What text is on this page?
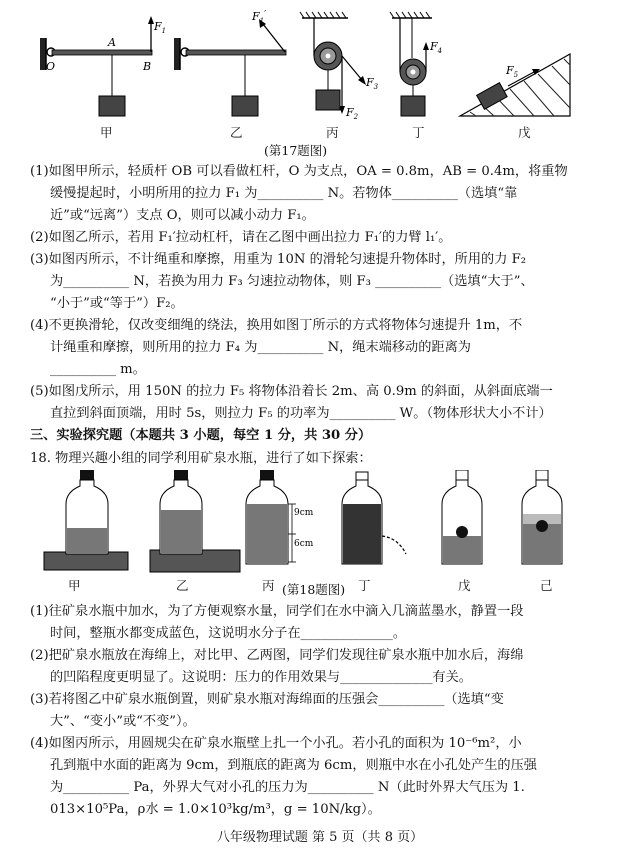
O
A
B
$F_1$
$F_1'$
$F_2$
$F_3$
$F_4$
$F_5$
甲	乙	丙	丁	戊
(第17题图)
(1)如图甲所示，轻质杆 OB 可以看做杠杆，O 为支点，OA = 0.8m，AB = 0.4m，将重物
缓慢提起时，小明所用的拉力 F₁ 为__________ N。若物体__________（选填“靠
近”或“远离”）支点 O，则可以减小动力 F₁。
(2)如图乙所示，若用 F₁′拉动杠杆，请在乙图中画出拉力 F₁′的力臂 l₁′。
(3)如图丙所示，不计绳重和摩擦，用重为 10N 的滑轮匀速提升物体时，所用的力 F₂
为__________ N，若换为用力 F₃ 匀速拉动物体，则 F₃ __________（选填“大于”、
“小于”或“等于”）F₂。
(4)不更换滑轮，仅改变细绳的绕法，换用如图丁所示的方式将物体匀速提升 1m，不
计绳重和摩擦，则所用的拉力 F₄ 为__________ N，绳末端移动的距离为
__________ m。
(5)如图戊所示，用 150N 的拉力 F₅ 将物体沿着长 2m、高 0.9m 的斜面，从斜面底端一
直拉到斜面顶端，用时 5s，则拉力 F₅ 的功率为__________ W。（物体形状大小不计）
三、实验探究题（本题共 3 小题，每空 1 分，共 30 分）
18. 物理兴趣小组的同学利用矿泉水瓶，进行了如下探索：
9cm
6cm
甲	乙	丙	丁	戊	己
(第18题图)
(1)往矿泉水瓶中加水，为了方便观察水量，同学们在水中滴入几滴蓝墨水，静置一段
时间，整瓶水都变成蓝色，这说明水分子在______________。
(2)把矿泉水瓶放在海绵上，对比甲、乙两图，同学们发现往矿泉水瓶中加水后，海绵
的凹陷程度更明显了。这说明：压力的作用效果与______________有关。
(3)若将图乙中矿泉水瓶倒置，则矿泉水瓶对海绵面的压强会__________（选填“变
大”、“变小”或“不变”）。
(4)如图丙所示，用圆规尖在矿泉水瓶壁上扎一个小孔。若小孔的面积为 10⁻⁶m²，小
孔到瓶中水面的距离为 9cm，到瓶底的距离为 6cm，则瓶中水在小孔处产生的压强
为__________ Pa，外界大气对小孔的压力为__________ N（此时外界大气压为 1.
013×10⁵Pa，ρ水 = 1.0×10³kg/m³，g = 10N/kg）。
八年级物理试题 第 5 页（共 8 页）
